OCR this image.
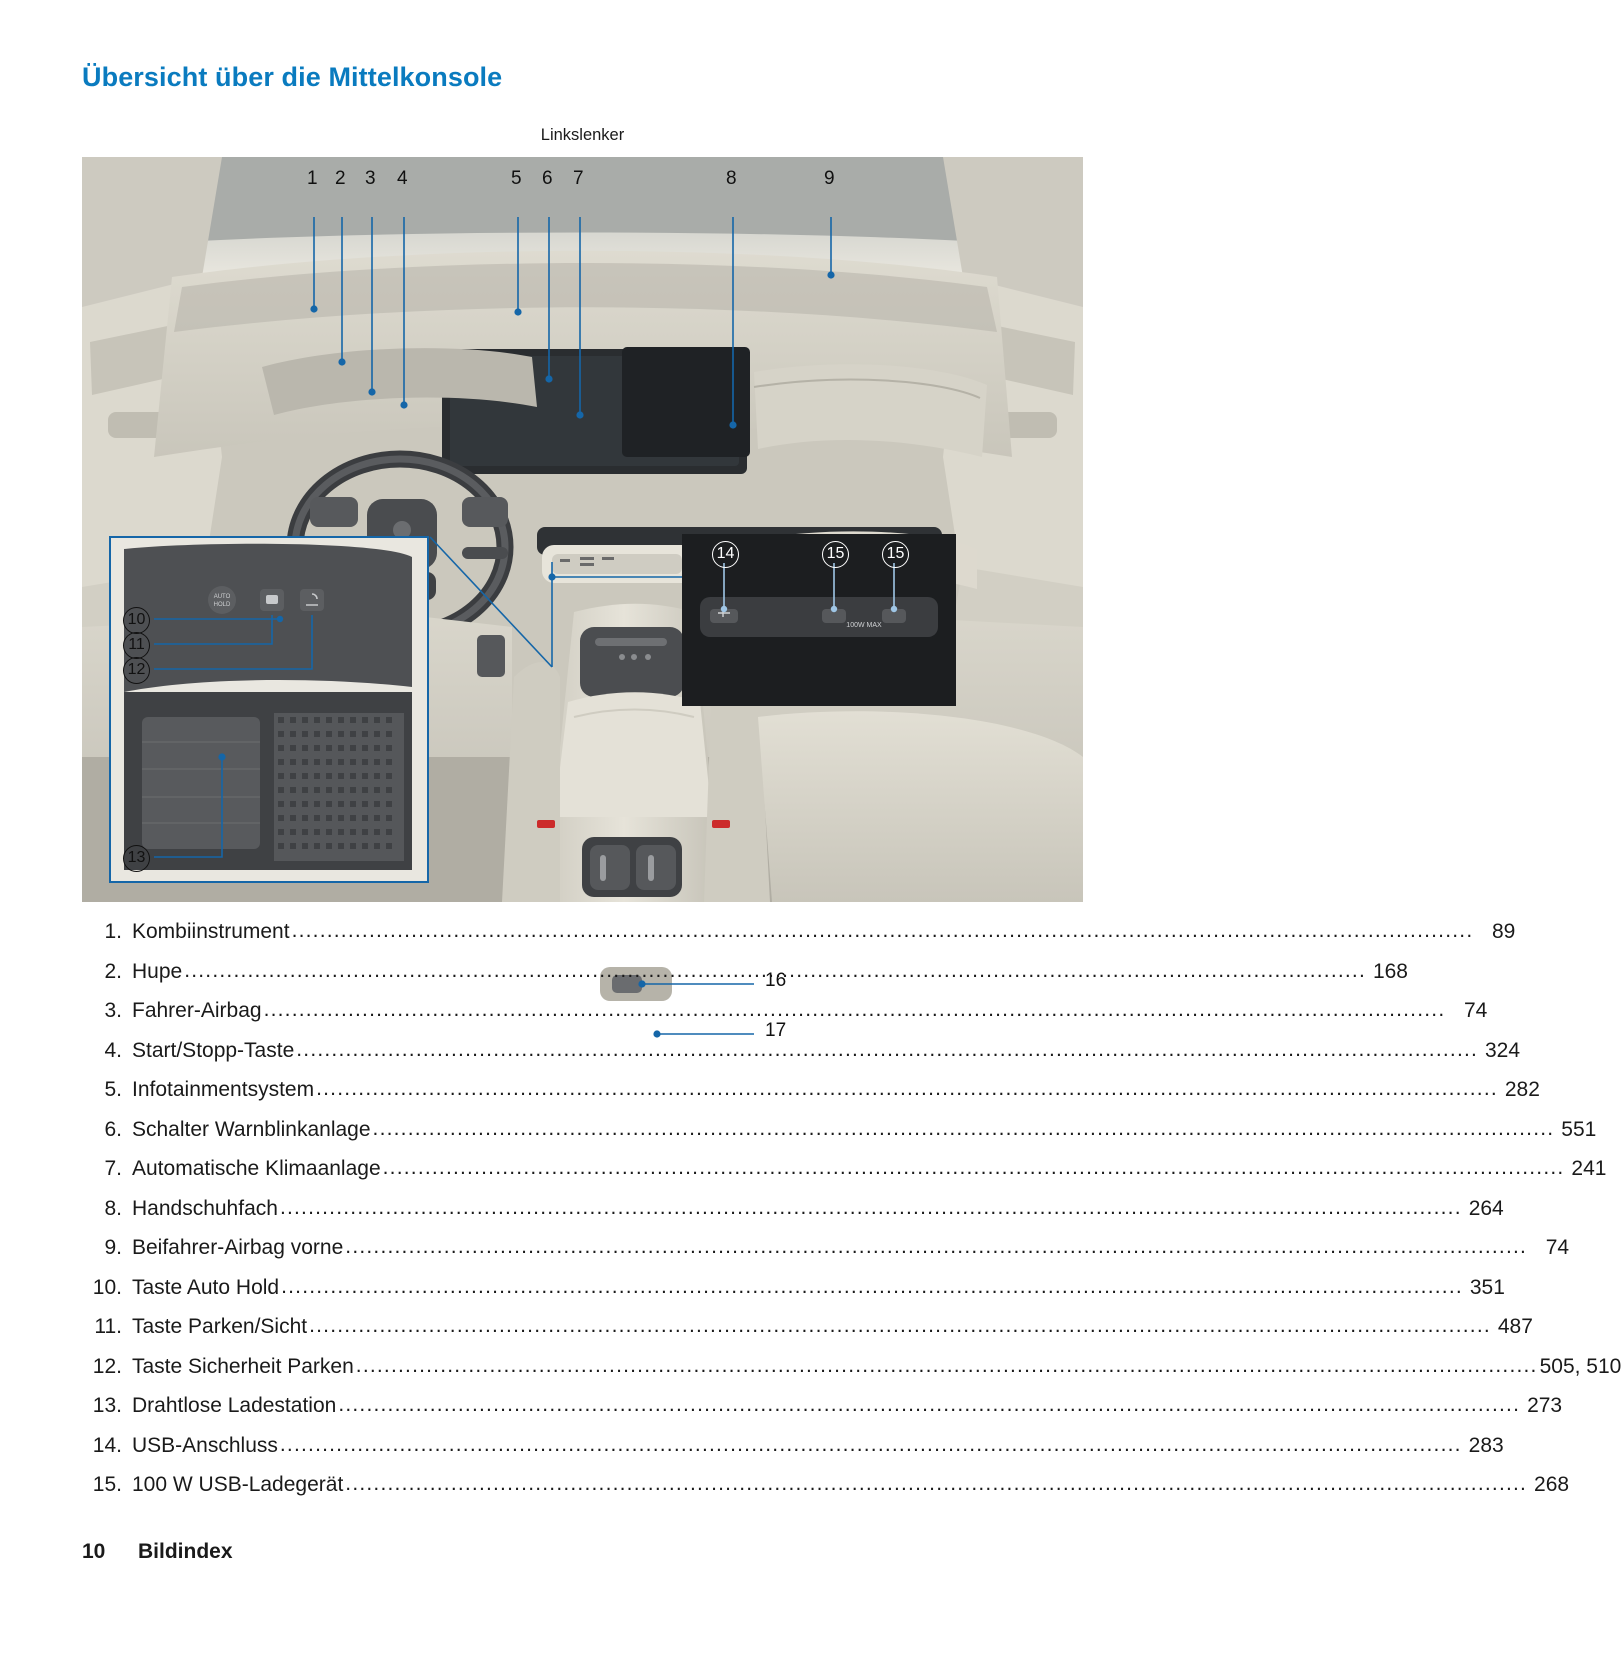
Übersicht über die Mittelkonsole
Linkslenker
AUTO
HOLD
100W MAX
1 2 3 4	5 6 7	8	9
10
11
12
13
14	15	15
16
17
1. Kombiinstrument .....	89
2. Hupe .....	168
3. Fahrer-Airbag .....	74
4. Start/Stopp-Taste .....	324
5. Infotainmentsystem .....	282
6. Schalter Warnblinkanlage .....	551
7. Automatische Klimaanlage .....	241
8. Handschuhfach .....	264
9. Beifahrer-Airbag vorne .....	74
10. Taste Auto Hold .....	351
11. Taste Parken/Sicht .....	487
12. Taste Sicherheit Parken .....	505, 510
13. Drahtlose Ladestation .....	273
14. USB-Anschluss .....	283
15. 100 W USB-Ladegerät .....	268
10 Bildindex
